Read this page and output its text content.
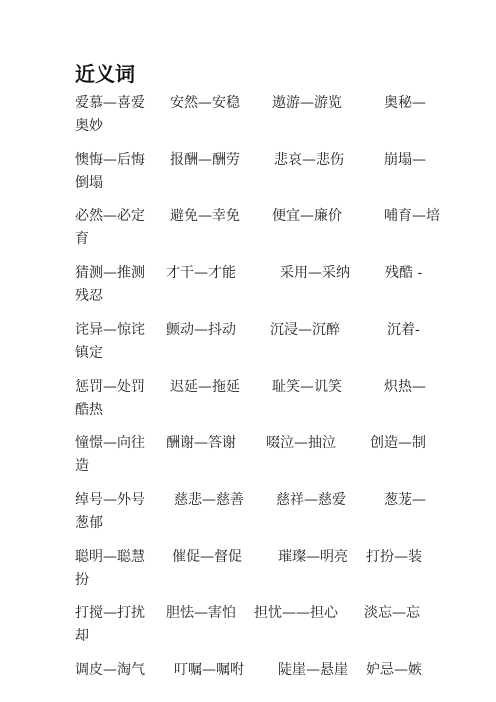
近义词
爱慕—喜爱 安然—安稳 遨游—游览	奥秘—
奥妙
懊悔—后悔 报酬—酬劳 悲哀—悲伤	崩塌—
倒塌
必然—必定 避免—幸免 便宜—廉价	哺育—培
育
猜测—推测 才干—才能	采用—采纳	残酷 -
残忍
诧异—惊诧 颤动—抖动 沉浸—沉醉	沉着-
镇定
惩罚—处罚 迟延—拖延 耻笑—讥笑	炽热—
酷热
憧憬—向往 酬谢—答谢 啜泣—抽泣 创造—制
造
绰号—外号 慈悲—慈善 慈祥—慈爱	葱茏—
葱郁
聪明—聪慧 催促—督促	璀璨—明亮 打扮—装
扮
打搅—打扰 胆怯—害怕 担忧——担心 淡忘—忘
却
调皮—淘气 叮嘱—嘱咐 陡崖—悬崖 妒忌—嫉
